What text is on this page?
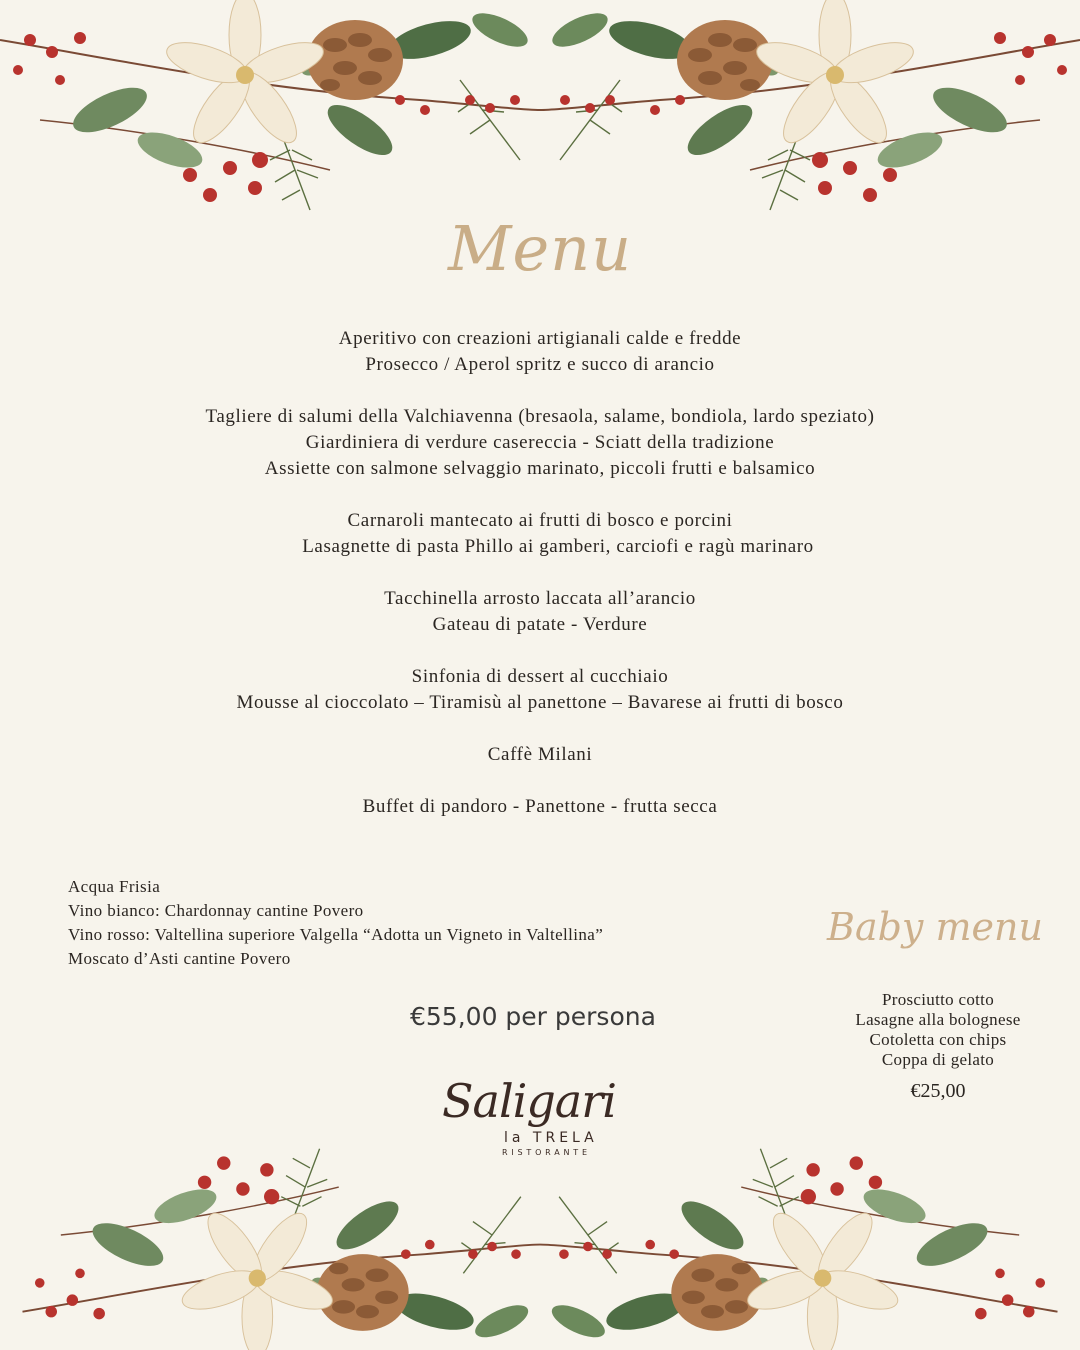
Menu
Aperitivo con creazioni artigianali calde e fredde
Prosecco / Aperol spritz e succo di arancio
Tagliere di salumi della Valchiavenna (bresaola, salame, bondiola, lardo speziato)
Giardiniera di verdure casereccia - Sciatt della tradizione
Assiette con salmone selvaggio marinato, piccoli frutti e balsamico
Carnaroli mantecato ai frutti di bosco e porcini
Lasagnette di pasta Phillo ai gamberi, carciofi e ragù marinaro
Tacchinella arrosto laccata all’arancio
Gateau di patate - Verdure
Sinfonia di dessert al cucchiaio
Mousse al cioccolato – Tiramisù al panettone – Bavarese ai frutti di bosco
Caffè Milani
Buffet di pandoro - Panettone - frutta secca
Acqua Frisia
Vino bianco: Chardonnay cantine Povero
Vino rosso: Valtellina superiore Valgella “Adotta un Vigneto in Valtellina”
Moscato d’Asti cantine Povero
€55,00 per persona
Baby menu
Prosciutto cotto
Lasagne alla bolognese
Cotoletta con chips
Coppa di gelato
€25,00
Saligari
la TRELA
RISTORANTE
